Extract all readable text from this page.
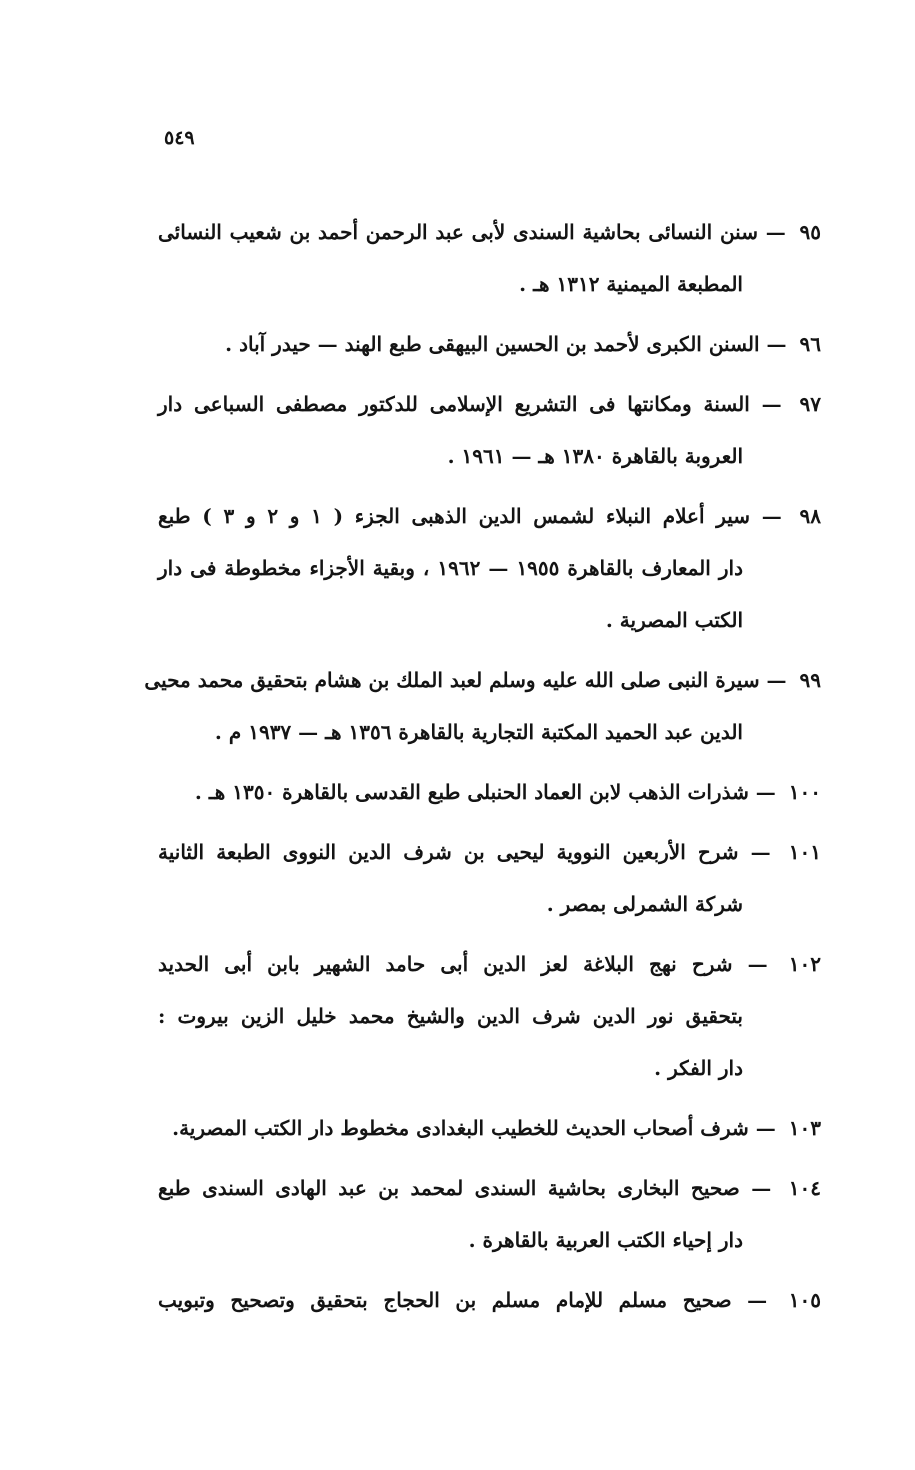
٥٤٩
٩٥ — سنن النسائى بحاشية السندى لأبى عبد الرحمن أحمد بن شعيب النسائى
المطبعة الميمنية ١٣١٢ هـ .
٩٦ — السنن الكبرى لأحمد بن الحسين البيهقى طبع الهند — حيدر آباد .
٩٧ — السنة ومكانتها فى التشريع الإسلامى للدكتور مصطفى السباعى دار
العروبة بالقاهرة ١٣٨٠ هـ — ١٩٦١ .
٩٨ — سير أعلام النبلاء لشمس الدين الذهبى الجزء ( ١ و ٢ و ٣ ) طبع
دار المعارف بالقاهرة ١٩٥٥ — ١٩٦٢ ، وبقية الأجزاء مخطوطة فى دار
الكتب المصرية .
٩٩ — سيرة النبى صلى الله عليه وسلم لعبد الملك بن هشام بتحقيق محمد محيى
الدين عبد الحميد المكتبة التجارية بالقاهرة ١٣٥٦ هـ — ١٩٣٧ م .
١٠٠ — شذرات الذهب لابن العماد الحنبلى طبع القدسى بالقاهرة ١٣٥٠ هـ .
١٠١ — شرح الأربعين النووية ليحيى بن شرف الدين النووى الطبعة الثانية
شركة الشمرلى بمصر .
١٠٢ — شرح نهج البلاغة لعز الدين أبى حامد الشهير بابن أبى الحديد
بتحقيق نور الدين شرف الدين والشيخ محمد خليل الزين بيروت :
دار الفكر .
١٠٣ — شرف أصحاب الحديث للخطيب البغدادى مخطوط دار الكتب المصرية.
١٠٤ — صحيح البخارى بحاشية السندى لمحمد بن عبد الهادى السندى طبع
دار إحياء الكتب العربية بالقاهرة .
١٠٥ — صحيح مسلم للإمام مسلم بن الحجاج بتحقيق وتصحيح وتبويب
